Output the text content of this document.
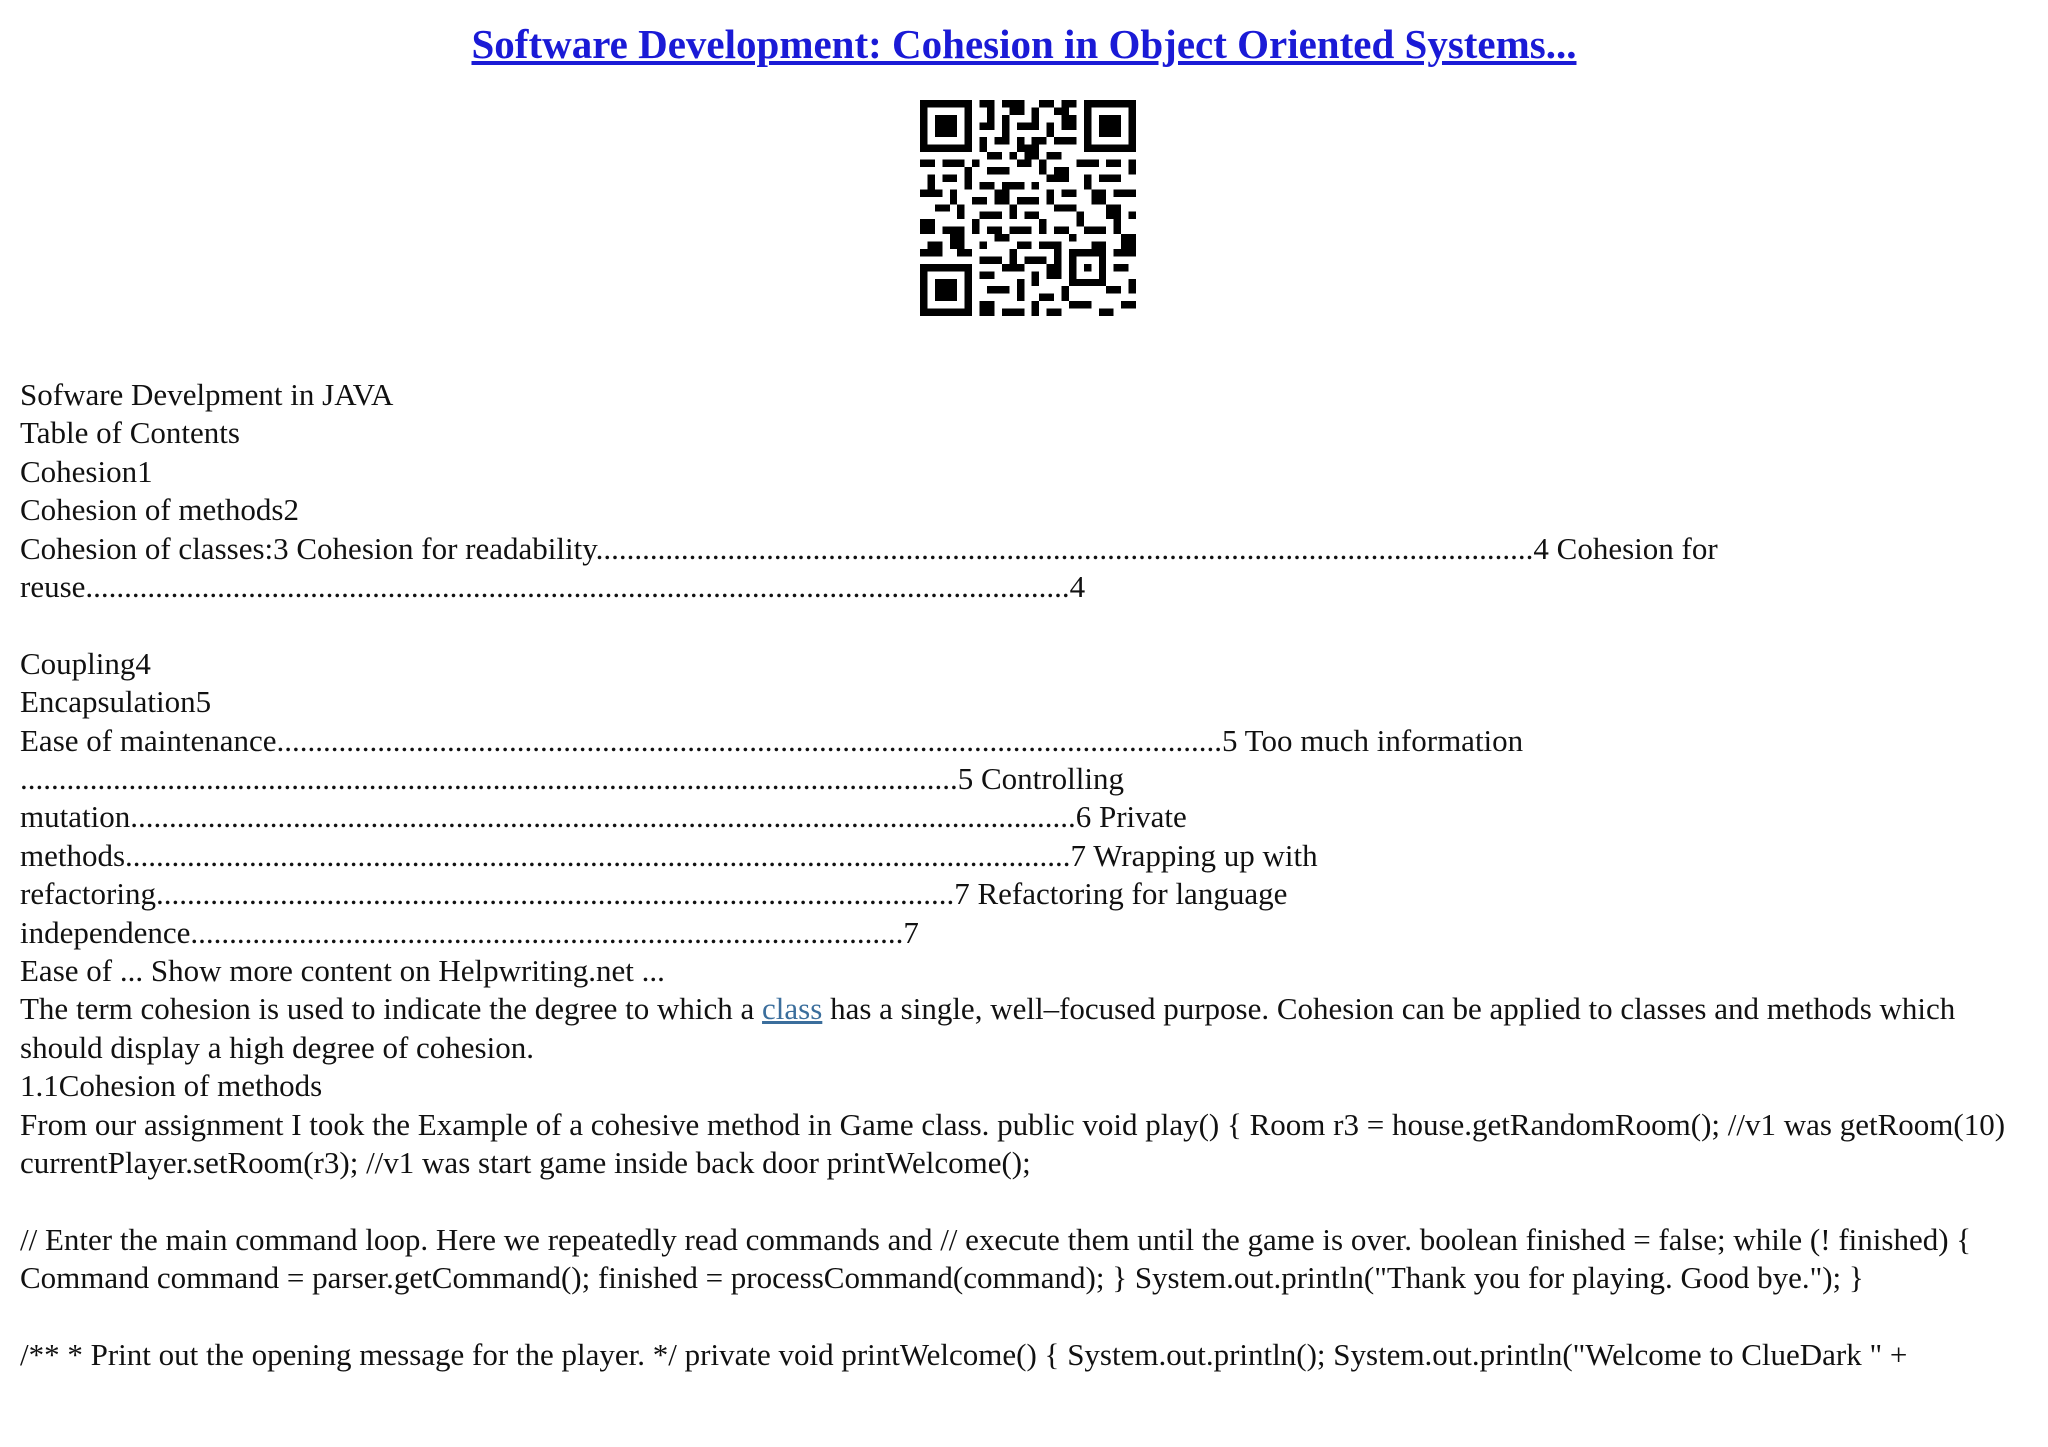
Software Development: Cohesion in Object Oriented Systems...
Sofware Develpment in JAVA
Table of Contents
Cohesion1
Cohesion of methods2
Cohesion of classes:3 Cohesion for readability.........................................................................................................................4 Cohesion for
reuse...............................................................................................................................4
Coupling4
Encapsulation5
Ease of maintenance..........................................................................................................................5 Too much information
.........................................................................................................................5 Controlling
mutation..........................................................................................................................6 Private
methods..........................................................................................................................7 Wrapping up with
refactoring.......................................................................................................7 Refactoring for language
independence............................................................................................7
Ease of ... Show more content on Helpwriting.net ...
The term cohesion is used to indicate the degree to which a class has a single, well–focused purpose. Cohesion can be applied to classes and methods which should display a high degree of cohesion.
1.1Cohesion of methods
From our assignment I took the Example of a cohesive method in Game class. public void play() { Room r3 = house.getRandomRoom(); //v1 was getRoom(10) currentPlayer.setRoom(r3); //v1 was start game inside back door printWelcome();
// Enter the main command loop. Here we repeatedly read commands and // execute them until the game is over. boolean finished = false; while (! finished) { Command command = parser.getCommand(); finished = processCommand(command); } System.out.println("Thank you for playing. Good bye."); }
/** * Print out the opening message for the player. */ private void printWelcome() { System.out.println(); System.out.println("Welcome to ClueDark " +
